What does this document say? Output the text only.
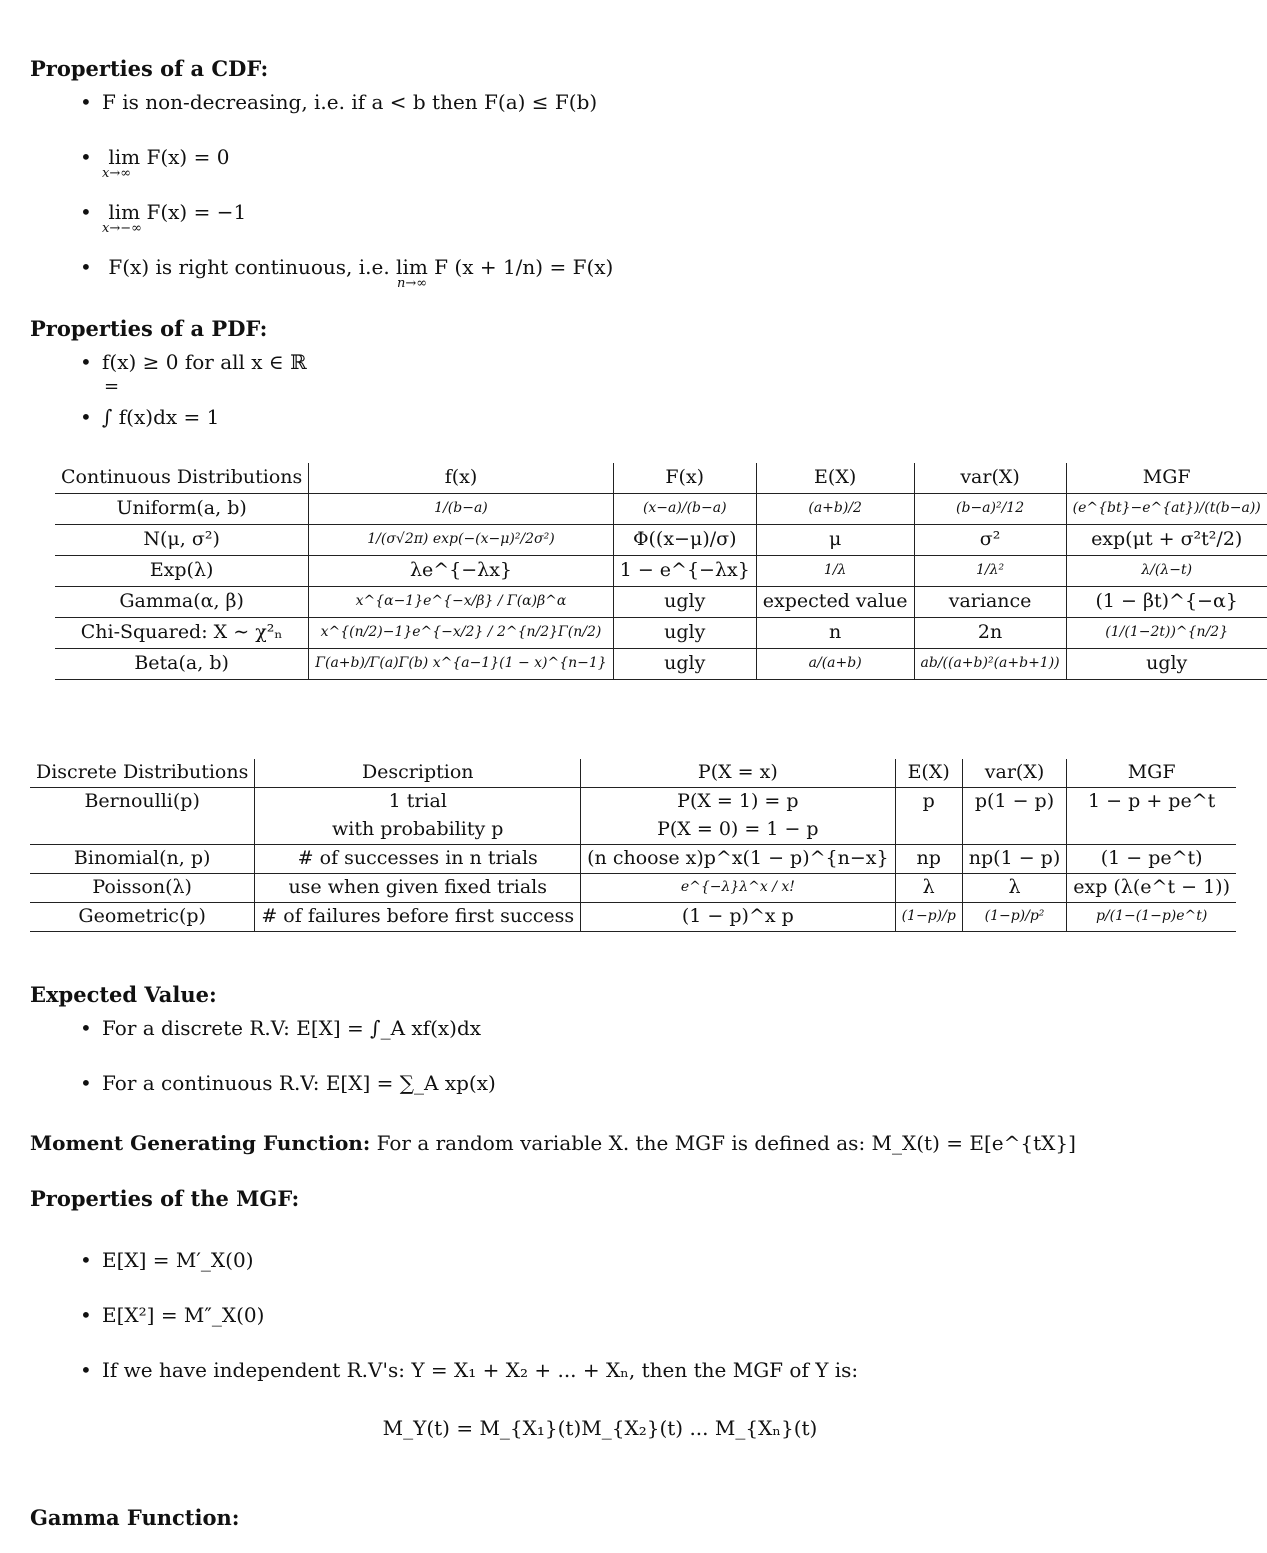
Properties of a CDF:
• F is non-decreasing, i.e. if a < b then F(a) ≤ F(b)
• lim F(x) = 0
x→∞
• lim F(x) = −1
x→−∞
• F(x) is right continuous, i.e. lim F (x + 1/n) = F(x)
n→∞
Properties of a PDF:
• f(x) ≥ 0 for all x ∈ ℝ
=
• ∫ f(x)dx = 1
Continuous Distributions	f(x)	F(x)	E(X)	var(X)	MGF
Uniform(a, b)	1/(b−a)	(x−a)/(b−a)	(a+b)/2	(b−a)²/12	(e^{bt}−e^{at})/(t(b−a))
N(μ, σ²)	1/(σ√2π) exp(−(x−μ)²/2σ²)	Φ((x−μ)/σ)	μ	σ²	exp(μt + σ²t²/2)
Exp(λ)	λe^{−λx}	1 − e^{−λx}	1/λ	1/λ²	λ/(λ−t)
Gamma(α, β)	x^{α−1}e^{−x/β} / Γ(α)β^α	ugly	expected value	variance	(1 − βt)^{−α}
Chi-Squared: X ∼ χ²ₙ	x^{(n/2)−1}e^{−x/2} / 2^{n/2}Γ(n/2)	ugly	n	2n	(1/(1−2t))^{n/2}
Beta(a, b)	Γ(a+b)/Γ(a)Γ(b) x^{a−1}(1 − x)^{n−1}	ugly	a/(a+b)	ab/((a+b)²(a+b+1))	ugly
Discrete Distributions	Description	P(X = x)	E(X)	var(X)	MGF
Bernoulli(p)	1 trial	P(X = 1) = p	p	p(1 − p)	1 − p + pe^t
	with probability p	P(X = 0) = 1 − p			
Binomial(n, p)	# of successes in n trials	(n choose x)p^x(1 − p)^{n−x}	np	np(1 − p)	(1 − pe^t)
Poisson(λ)	use when given fixed trials	e^{−λ}λ^x / x!	λ	λ	exp (λ(e^t − 1))
Geometric(p)	# of failures before first success	(1 − p)^x p	(1−p)/p	(1−p)/p²	p/(1−(1−p)e^t)
Expected Value:
• For a discrete R.V: E[X] = ∫_A xf(x)dx
• For a continuous R.V: E[X] = ∑_A xp(x)
Moment Generating Function: For a random variable X. the MGF is defined as: M_X(t) = E[e^{tX}]
Properties of the MGF:
• E[X] = M′_X(0)
• E[X²] = M″_X(0)
• If we have independent R.V's: Y = X₁ + X₂ + ... + Xₙ, then the MGF of Y is:
M_Y(t) = M_{X₁}(t)M_{X₂}(t) ... M_{Xₙ}(t)
Gamma Function:
